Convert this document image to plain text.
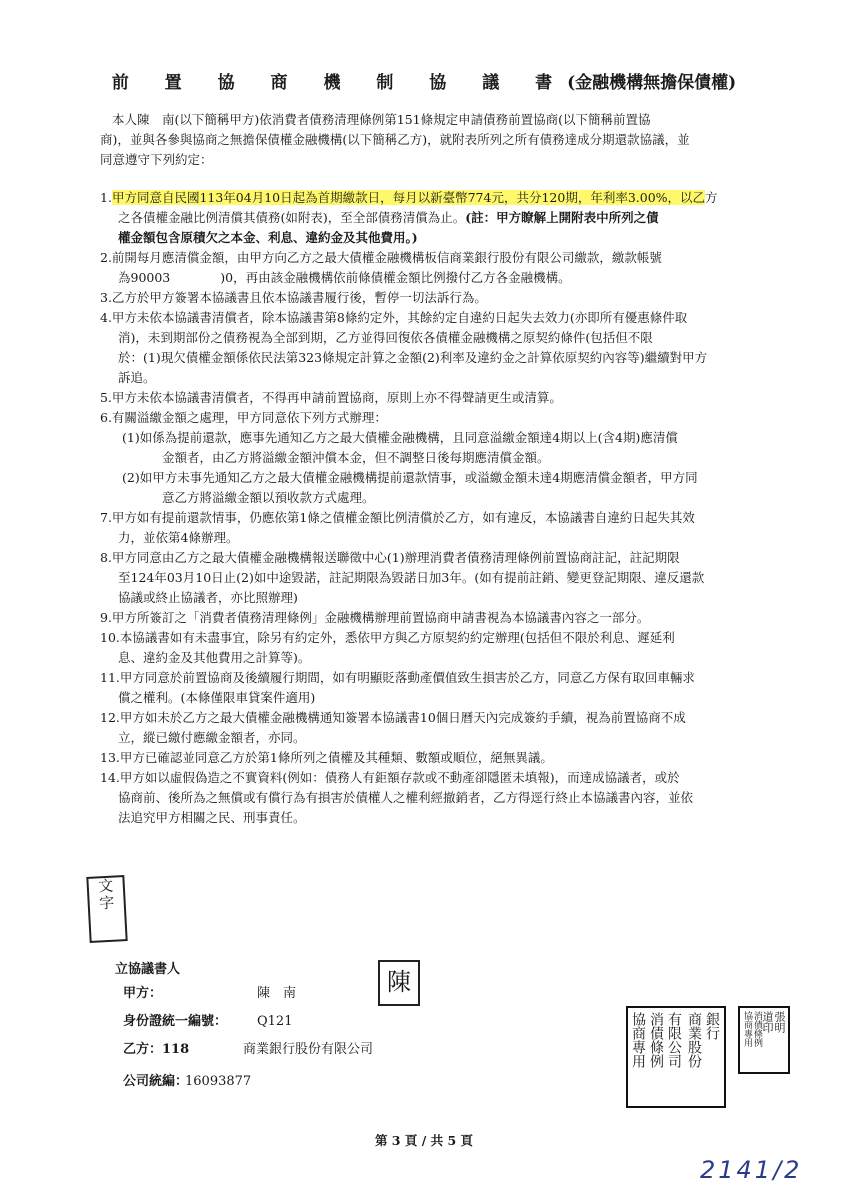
前 置 協 商 機 制 協 議 書(金融機構無擔保債權)
本人陳　南(以下簡稱甲方)依消費者債務清理條例第151條規定申請債務前置協商(以下簡稱前置協
商)，並與各參與協商之無擔保債權金融機構(以下簡稱乙方)，就附表所列之所有債務達成分期還款協議，並
同意遵守下列約定：
1.甲方同意自民國113年04月10日起為首期繳款日，每月以新臺幣774元，共分120期，年利率3.00%，以乙方
之各債權金融比例清償其債務(如附表)，至全部債務清償為止。(註：甲方瞭解上開附表中所列之債
權金額包含原積欠之本金、利息、違約金及其他費用。)
2.前開每月應清償金額，由甲方向乙方之最大債權金融機構板信商業銀行股份有限公司繳款，繳款帳號
為90003　　　　)0，再由該金融機構依前條債權金額比例撥付乙方各金融機構。
3.乙方於甲方簽署本協議書且依本協議書履行後，暫停一切法訴行為。
4.甲方未依本協議書清償者，除本協議書第8條約定外，其餘約定自違約日起失去效力(亦即所有優惠條件取
消)，未到期部份之債務視為全部到期，乙方並得回復依各債權金融機構之原契約條件(包括但不限
於：(1)現欠債權金額係依民法第323條規定計算之金額(2)利率及違約金之計算依原契約內容等)繼續對甲方
訴追。
5.甲方未依本協議書清償者，不得再申請前置協商，原則上亦不得聲請更生或清算。
6.有關溢繳金額之處理，甲方同意依下列方式辦理：
(1)如係為提前還款，應事先通知乙方之最大債權金融機構，且同意溢繳金額達4期以上(含4期)應清償
金額者，由乙方將溢繳金額沖償本金，但不調整日後每期應清償金額。
(2)如甲方未事先通知乙方之最大債權金融機構提前還款情事，或溢繳金額未達4期應清償金額者，甲方同
意乙方將溢繳金額以預收款方式處理。
7.甲方如有提前還款情事，仍應依第1條之債權金額比例清償於乙方，如有違反，本協議書自違約日起失其效
力，並依第4條辦理。
8.甲方同意由乙方之最大債權金融機構報送聯徵中心(1)辦理消費者債務清理條例前置協商註記，註記期限
至124年03月10日止(2)如中途毀諾，註記期限為毀諾日加3年。(如有提前註銷、變更登記期限、違反還款
協議或終止協議者，亦比照辦理)
9.甲方所簽訂之「消費者債務清理條例」金融機構辦理前置協商申請書視為本協議書內容之一部分。
10.本協議書如有未盡事宜，除另有約定外，悉依甲方與乙方原契約約定辦理(包括但不限於利息、遲延利
息、違約金及其他費用之計算等)。
11.甲方同意於前置協商及後續履行期間，如有明顯貶落動產價值致生損害於乙方，同意乙方保有取回車輛求
償之權利。(本條僅限車貸案件適用)
12.甲方如未於乙方之最大債權金融機構通知簽署本協議書10個日曆天內完成簽約手續，視為前置協商不成
立，縱已繳付應繳金額者，亦同。
13.甲方已確認並同意乙方於第1條所列之債權及其種類、數額或順位，絕無異議。
14.甲方如以虛假偽造之不實資料(例如：債務人有鉅額存款或不動產卻隱匿未填報)，而達成協議者，或於
協商前、後所為之無償或有償行為有損害於債權人之權利經撤銷者，乙方得逕行終止本協議書內容，並依
法追究甲方相關之民、刑事責任。
文
字
立協議書人
甲方：	陳　南
身份證統一編號： Q121
乙方：118	商業銀行股份有限公司
公司統編：
16093877
陳
銀行
商業股份
有限公司
消債條例
協商專用	張明
道印
消債條例
協商專用
第 3 頁 / 共 5 頁
2141/2
